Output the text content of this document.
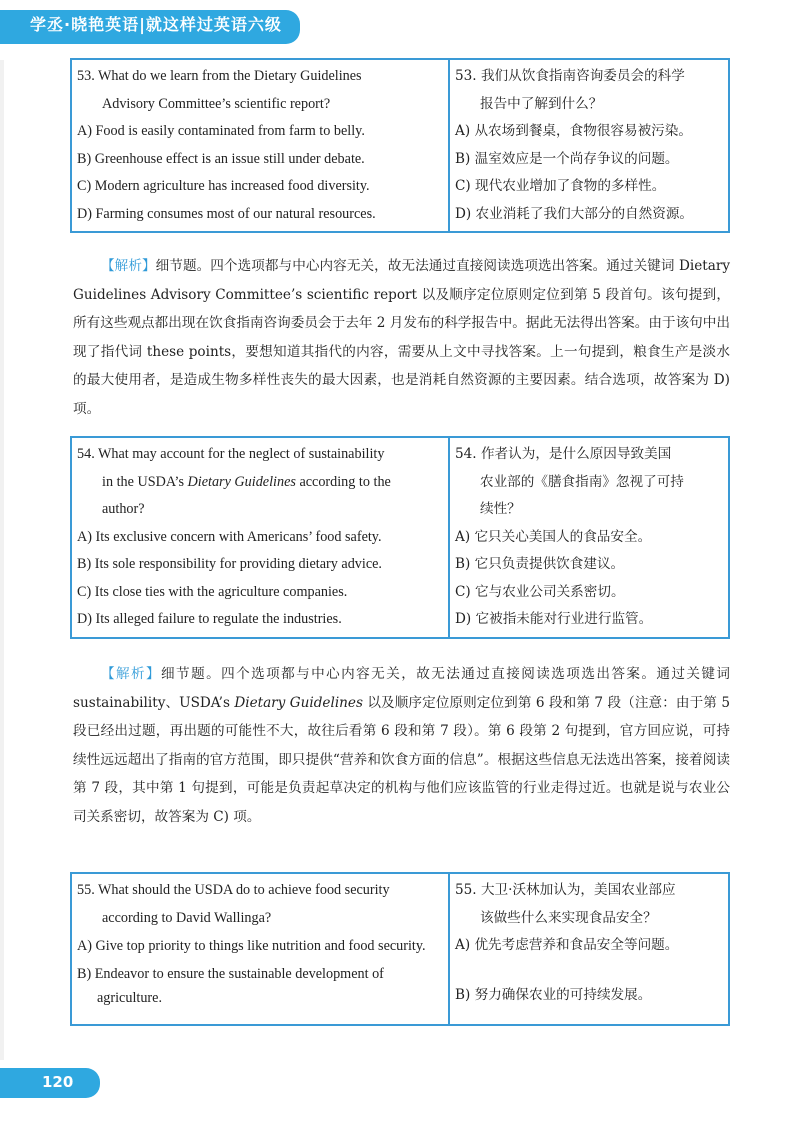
学丞·晓艳英语|就这样过英语六级
53. What do we learn from the Dietary Guidelines
Advisory Committee’s scientific report?
A) Food is easily contaminated from farm to belly.
B) Greenhouse effect is an issue still under debate.
C) Modern agriculture has increased food diversity.
D) Farming consumes most of our natural resources.

53. 我们从饮食指南咨询委员会的科学
报告中了解到什么？
A) 从农场到餐桌，食物很容易被污染。
B) 温室效应是一个尚存争议的问题。
C) 现代农业增加了食物的多样性。
D) 农业消耗了我们大部分的自然资源。
【解析】细节题。四个选项都与中心内容无关，故无法通过直接阅读选项选出答案。通过关键词 Dietary Guidelines Advisory Committee’s scientific report 以及顺序定位原则定位到第 5 段首句。该句提到，所有这些观点都出现在饮食指南咨询委员会于去年 2 月发布的科学报告中。据此无法得出答案。由于该句中出现了指代词 these points，要想知道其指代的内容，需要从上文中寻找答案。上一句提到，粮食生产是淡水的最大使用者，是造成生物多样性丧失的最大因素，也是消耗自然资源的主要因素。结合选项，故答案为 D) 项。
54. What may account for the neglect of sustainability
in the USDA’s Dietary Guidelines according to the
author?
A) Its exclusive concern with Americans’ food safety.
B) Its sole responsibility for providing dietary advice.
C) Its close ties with the agriculture companies.
D) Its alleged failure to regulate the industries.

54. 作者认为，是什么原因导致美国
农业部的《膳食指南》忽视了可持
续性？
A) 它只关心美国人的食品安全。
B) 它只负责提供饮食建议。
C) 它与农业公司关系密切。
D) 它被指未能对行业进行监管。
【解析】细节题。四个选项都与中心内容无关，故无法通过直接阅读选项选出答案。通过关键词 sustainability、USDA’s Dietary Guidelines 以及顺序定位原则定位到第 6 段和第 7 段（注意：由于第 5 段已经出过题，再出题的可能性不大，故往后看第 6 段和第 7 段）。第 6 段第 2 句提到，官方回应说，可持续性远远超出了指南的官方范围，即只提供“营养和饮食方面的信息”。根据这些信息无法选出答案，接着阅读第 7 段，其中第 1 句提到，可能是负责起草决定的机构与他们应该监管的行业走得过近。也就是说与农业公司关系密切，故答案为 C) 项。
55. What should the USDA do to achieve food security
according to David Wallinga?
A) Give top priority to things like nutrition and food security.
B) Endeavor to ensure the sustainable development of agriculture.

55. 大卫·沃林加认为，美国农业部应
该做些什么来实现食品安全？
A) 优先考虑营养和食品安全等问题。
B) 努力确保农业的可持续发展。
120
